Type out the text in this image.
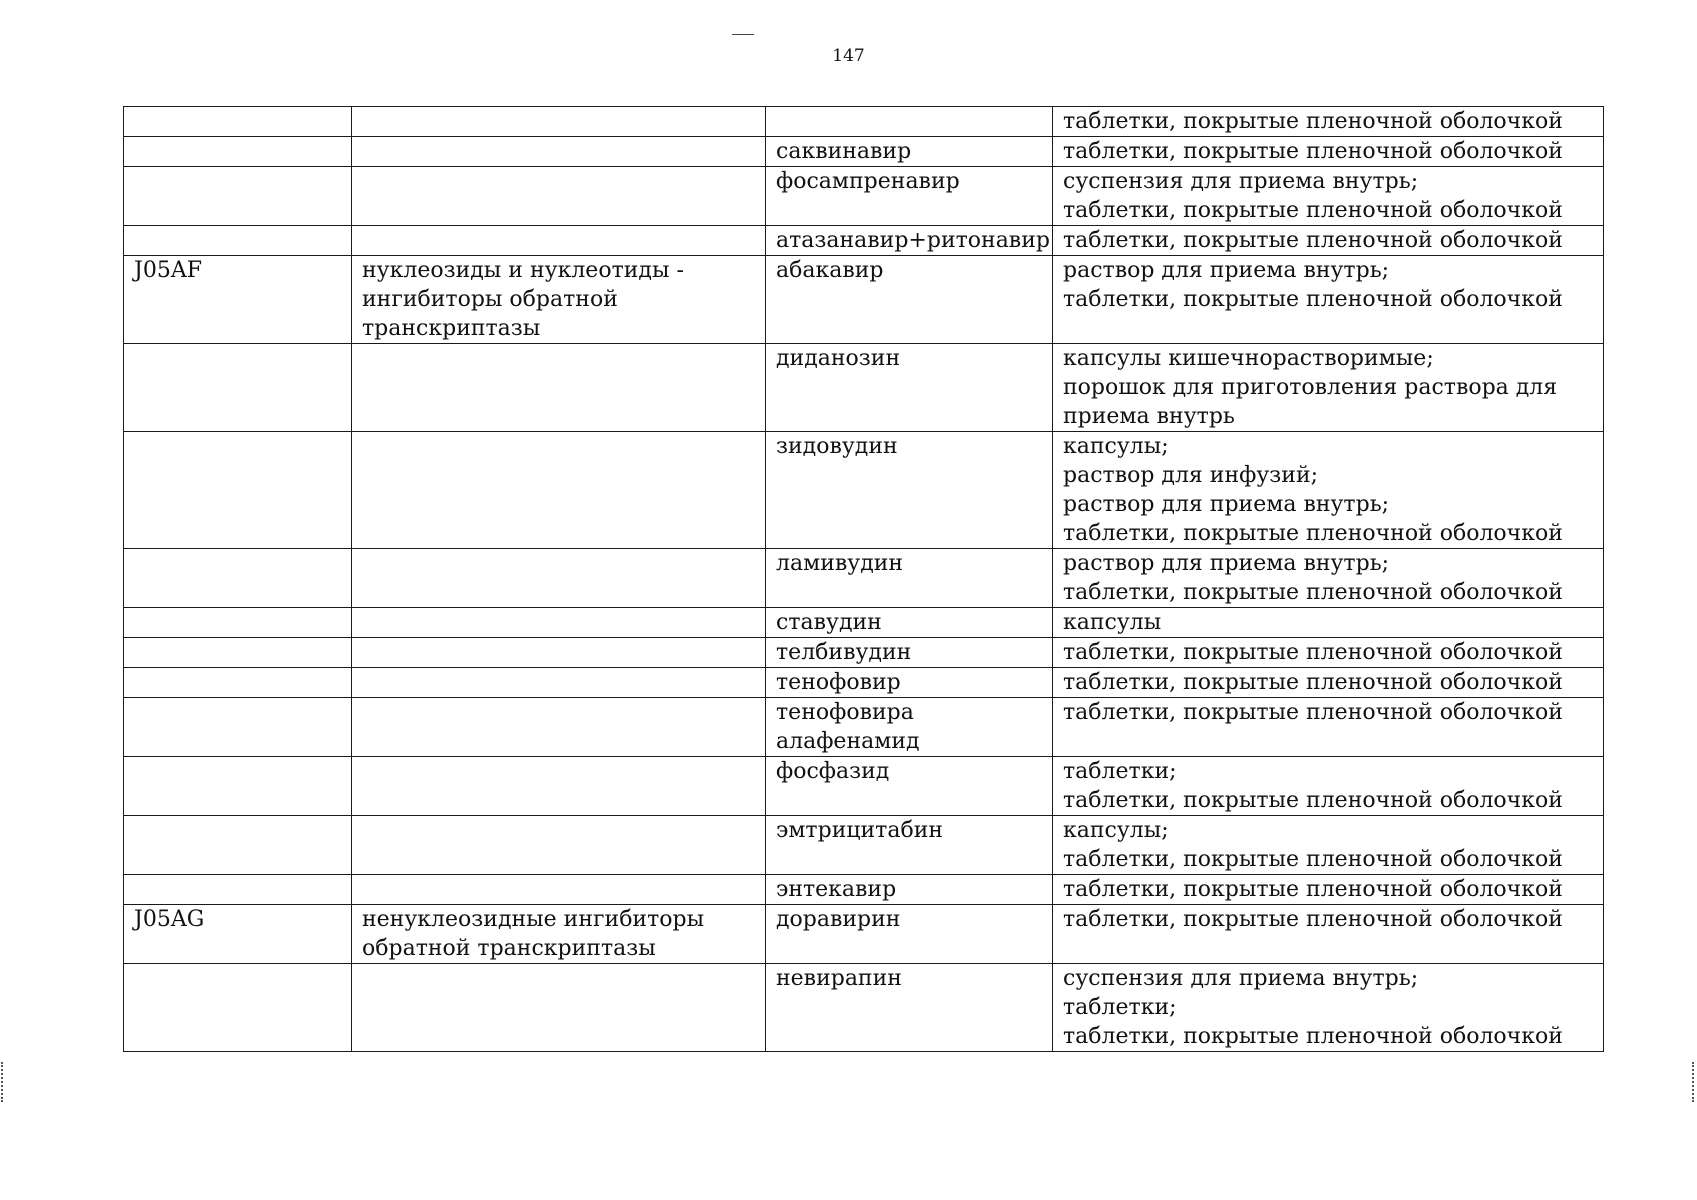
147

			таблетки, покрытые пленочной оболочкой

		саквинавир	таблетки, покрытые пленочной оболочкой

		фосампренавир	суспензия для приема внутрь;
таблетки, покрытые пленочной оболочкой

		атазанавир+ритонавир	таблетки, покрытые пленочной оболочкой

J05AF	нуклеозиды и нуклеотиды - ингибиторы обратной транскриптазы	абакавир	раствор для приема внутрь;
таблетки, покрытые пленочной оболочкой

		диданозин	капсулы кишечнорастворимые;
порошок для приготовления раствора для приема внутрь

		зидовудин	капсулы;
раствор для инфузий;
раствор для приема внутрь;
таблетки, покрытые пленочной оболочкой

		ламивудин	раствор для приема внутрь;
таблетки, покрытые пленочной оболочкой

		ставудин	капсулы

		телбивудин	таблетки, покрытые пленочной оболочкой

		тенофовир	таблетки, покрытые пленочной оболочкой

		тенофовира алафенамид	таблетки, покрытые пленочной оболочкой

		фосфазид	таблетки;
таблетки, покрытые пленочной оболочкой

		эмтрицитабин	капсулы;
таблетки, покрытые пленочной оболочкой

		энтекавир	таблетки, покрытые пленочной оболочкой

J05AG	ненуклеозидные ингибиторы обратной транскриптазы	доравирин	таблетки, покрытые пленочной оболочкой

		невирапин	суспензия для приема внутрь;
таблетки;
таблетки, покрытые пленочной оболочкой
